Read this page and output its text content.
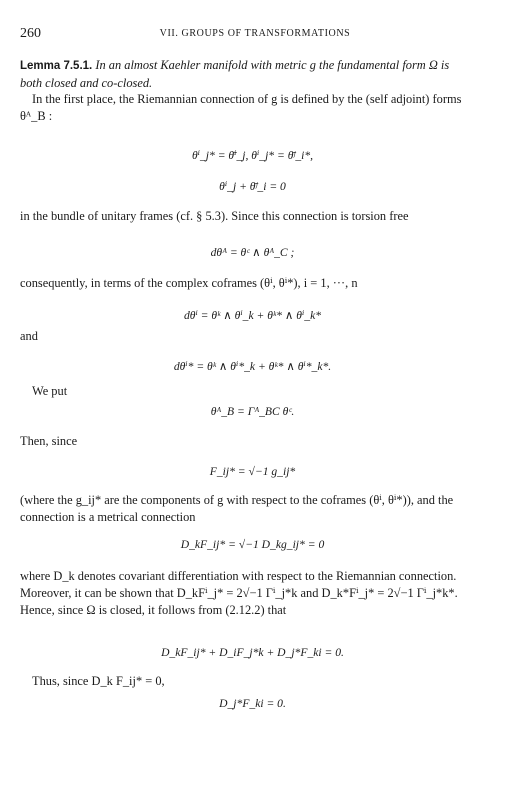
260	VII. GROUPS OF TRANSFORMATIONS
Lemma 7.5.1. In an almost Kaehler manifold with metric g the fundamental form Ω is both closed and co-closed.
In the first place, the Riemannian connection of g is defined by the (self adjoint) forms θᴬ_B :
θⁱ_j* = θ̄ⁱ_j, θⁱ_j* = θ̄ʲ_i*,
θⁱ_j + θ̄ʲ_i = 0
in the bundle of unitary frames (cf. § 5.3). Since this connection is torsion free
dθᴬ = θᶜ ∧ θᴬ_C ;
consequently, in terms of the complex coframes (θⁱ, θⁱ*), i = 1, ···, n
dθⁱ = θᵏ ∧ θⁱ_k + θᵏ* ∧ θⁱ_k*
and
dθⁱ* = θᵏ ∧ θⁱ*_k + θᵏ* ∧ θⁱ*_k*.
We put
θᴬ_B = Γᴬ_BC θᶜ.
Then, since
F_ij* = √−1 g_ij*
(where the g_ij* are the components of g with respect to the coframes (θⁱ, θⁱ*)), and the connection is a metrical connection
D_kF_ij* = √−1 D_kg_ij* = 0
where D_k denotes covariant differentiation with respect to the Riemannian connection. Moreover, it can be shown that D_kFⁱ_j* = 2√−1 Γⁱ_j*k and D_k*Fⁱ_j* = 2√−1 Γⁱ_j*k*. Hence, since Ω is closed, it follows from (2.12.2) that
D_kF_ij* + D_iF_j*k + D_j*F_ki = 0.
Thus, since D_k F_ij* = 0,
D_j*F_ki = 0.
